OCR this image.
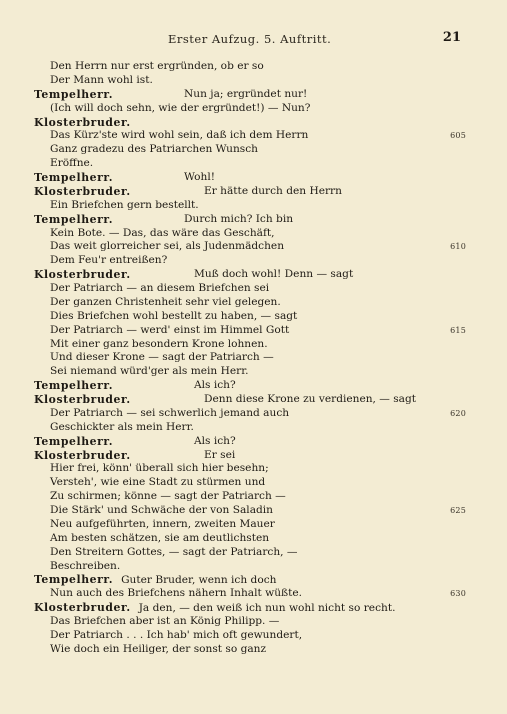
Erster Aufzug. 5. Auftritt.	21
Den Herrn nur erst ergründen, ob er so
Der Mann wohl ist.
Tempelherr.	Nun ja; ergründet nur!
(Ich will doch sehn, wie der ergründet!) — Nun?
Klosterbruder.
Das Kürz'ste wird wohl sein, daß ich dem Herrn	605
Ganz gradezu des Patriarchen Wunsch
Eröffne.
Tempelherr.	Wohl!
Klosterbruder.	Er hätte durch den Herrn
Ein Briefchen gern bestellt.
Tempelherr.	Durch mich? Ich bin
Kein Bote. — Das, das wäre das Geschäft,
Das weit glorreicher sei, als Judenmädchen	610
Dem Feu'r entreißen?
Klosterbruder.	Muß doch wohl! Denn — sagt
Der Patriarch — an diesem Briefchen sei
Der ganzen Christenheit sehr viel gelegen.
Dies Briefchen wohl bestellt zu haben, — sagt
Der Patriarch — werd' einst im Himmel Gott	615
Mit einer ganz besondern Krone lohnen.
Und dieser Krone — sagt der Patriarch —
Sei niemand würd'ger als mein Herr.
Tempelherr.	Als ich?
Klosterbruder.	Denn diese Krone zu verdienen, — sagt
Der Patriarch — sei schwerlich jemand auch	620
Geschickter als mein Herr.
Tempelherr.	Als ich?
Klosterbruder.	Er sei
Hier frei, könn' überall sich hier besehn;
Versteh', wie eine Stadt zu stürmen und
Zu schirmen; könne — sagt der Patriarch —
Die Stärk' und Schwäche der von Saladin	625
Neu aufgeführten, innern, zweiten Mauer
Am besten schätzen, sie am deutlichsten
Den Streitern Gottes, — sagt der Patriarch, —
Beschreiben.
Tempelherr. Guter Bruder, wenn ich doch
Nun auch des Briefchens nähern Inhalt wüßte.	630
Klosterbruder. Ja den, — den weiß ich nun wohl nicht so recht.
Das Briefchen aber ist an König Philipp. —
Der Patriarch . . . Ich hab' mich oft gewundert,
Wie doch ein Heiliger, der sonst so ganz
